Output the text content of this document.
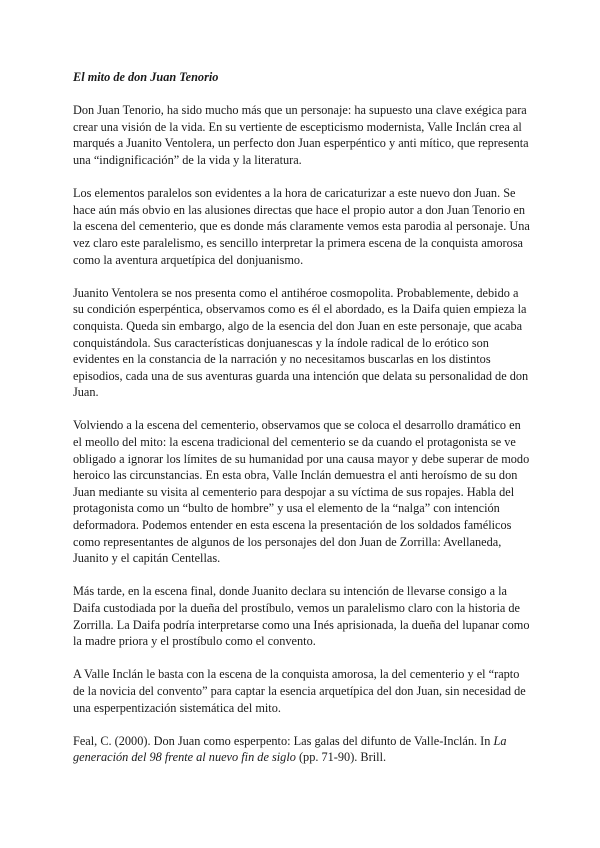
El mito de don Juan Tenorio

Don Juan Tenorio, ha sido mucho más que un personaje: ha supuesto una clave exégica para crear una visión de la vida. En su vertiente de escepticismo modernista, Valle Inclán crea al marqués a Juanito Ventolera, un perfecto don Juan esperpéntico y anti mítico, que representa una “indignificación” de la vida y la literatura.

Los elementos paralelos son evidentes a la hora de caricaturizar a este nuevo don Juan. Se hace aún más obvio en las alusiones directas que hace el propio autor a don Juan Tenorio en la escena del cementerio, que es donde más claramente vemos esta parodia al personaje. Una vez claro este paralelismo, es sencillo interpretar la primera escena de la conquista amorosa como la aventura arquetípica del donjuanismo.

Juanito Ventolera se nos presenta como el antihéroe cosmopolita. Probablemente, debido a su condición esperpéntica, observamos como es él el abordado, es la Daifa quien empieza la conquista. Queda sin embargo, algo de la esencia del don Juan en este personaje, que acaba conquistándola. Sus características donjuanescas y la índole radical de lo erótico son evidentes en la constancia de la narración y no necesitamos buscarlas en los distintos episodios, cada una de sus aventuras guarda una intención que delata su personalidad de don Juan.

Volviendo a la escena del cementerio, observamos que se coloca el desarrollo dramático en el meollo del mito: la escena tradicional del cementerio se da cuando el protagonista se ve obligado a ignorar los límites de su humanidad por una causa mayor y debe superar de modo heroico las circunstancias. En esta obra, Valle Inclán demuestra el anti heroísmo de su don Juan mediante su visita al cementerio para despojar a su víctima de sus ropajes. Habla del protagonista como un “bulto de hombre” y usa el elemento de la “nalga” con intención deformadora. Podemos entender en esta escena la presentación de los soldados famélicos como representantes de algunos de los personajes del don Juan de Zorrilla: Avellaneda, Juanito y el capitán Centellas.

Más tarde, en la escena final, donde Juanito declara su intención de llevarse consigo a la Daifa custodiada por la dueña del prostíbulo, vemos un paralelismo claro con la historia de Zorrilla. La Daifa podría interpretarse como una Inés aprisionada, la dueña del lupanar como la madre priora y el prostíbulo como el convento.

A Valle Inclán le basta con la escena de la conquista amorosa, la del cementerio y el “rapto de la novicia del convento” para captar la esencia arquetípica del don Juan, sin necesidad de una esperpentización sistemática del mito.

Feal, C. (2000). Don Juan como esperpento: Las galas del difunto de Valle-Inclán. In La generación del 98 frente al nuevo fin de siglo (pp. 71-90). Brill.
